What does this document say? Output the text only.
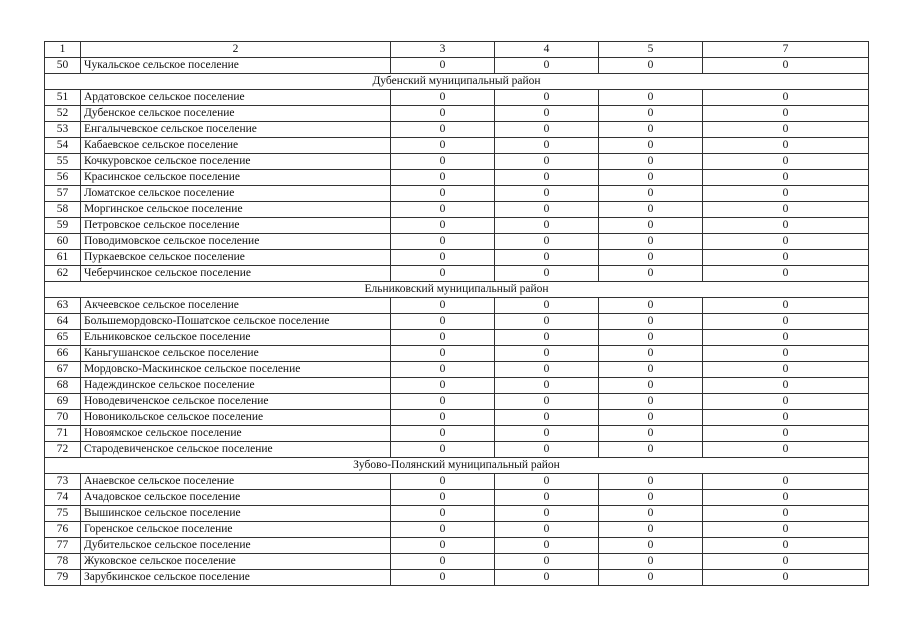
1	2	3	4	5	7
50	Чукальское сельское поселение	0	0	0	0
Дубенский муниципальный район					
51	Ардатовское сельское поселение	0	0	0	0
52	Дубенское сельское поселение	0	0	0	0
53	Енгалычевское сельское поселение	0	0	0	0
54	Кабаевское сельское поселение	0	0	0	0
55	Кочкуровское сельское поселение	0	0	0	0
56	Красинское сельское поселение	0	0	0	0
57	Ломатское сельское поселение	0	0	0	0
58	Моргинское сельское поселение	0	0	0	0
59	Петровское сельское поселение	0	0	0	0
60	Поводимовское сельское поселение	0	0	0	0
61	Пуркаевское сельское поселение	0	0	0	0
62	Чеберчинское сельское поселение	0	0	0	0
Ельниковский муниципальный район					
63	Акчеевское сельское поселение	0	0	0	0
64	Большемордовско-Пошатское сельское поселение	0	0	0	0
65	Ельниковское сельское поселение	0	0	0	0
66	Каньгушанское сельское поселение	0	0	0	0
67	Мордовско-Маскинское сельское поселение	0	0	0	0
68	Надеждинское сельское поселение	0	0	0	0
69	Новодевиченское сельское поселение	0	0	0	0
70	Новоникольское сельское поселение	0	0	0	0
71	Новоямское сельское поселение	0	0	0	0
72	Стародевиченское сельское поселение	0	0	0	0
Зубово-Полянский муниципальный район					
73	Анаевское сельское поселение	0	0	0	0
74	Ачадовское сельское поселение	0	0	0	0
75	Вышинское сельское поселение	0	0	0	0
76	Горенское сельское поселение	0	0	0	0
77	Дубительское сельское поселение	0	0	0	0
78	Жуковское сельское поселение	0	0	0	0
79	Зарубкинское сельское поселение	0	0	0	0
